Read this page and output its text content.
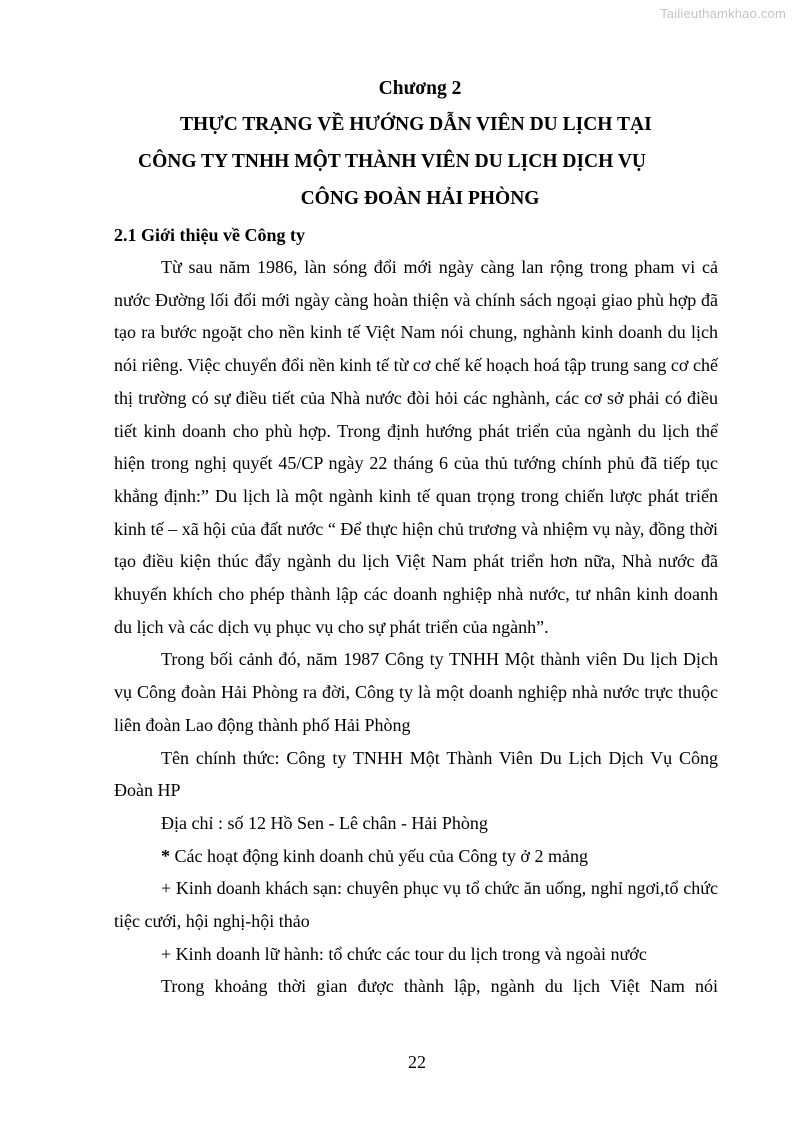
Tailieuthamkhao.com
Chương 2
THỰC TRẠNG VỀ HƯỚNG DẪN VIÊN DU LỊCH TẠI
CÔNG TY TNHH MỘT THÀNH VIÊN DU LỊCH DỊCH VỤ
CÔNG ĐOÀN HẢI PHÒNG
2.1 Giới thiệu về Công ty

Từ sau năm 1986, làn sóng đổi mới ngày càng lan rộng trong pham vi cả nước Đường lối đổi mới ngày càng hoàn thiện và chính sách ngoại giao phù hợp đã tạo ra bước ngoặt cho nền kinh tế Việt Nam nói chung, nghành kinh doanh du lịch nói riêng. Việc chuyển đổi nền kinh tế từ cơ chế kế hoạch hoá tập trung sang cơ chế thị trường có sự điều tiết của Nhà nước đòi hỏi các nghành, các cơ sở phải có điều tiết kinh doanh cho phù hợp. Trong định hướng phát triển của ngành du lịch thể hiện trong nghị quyết 45/CP ngày 22 tháng 6 của thủ tướng chính phủ đã tiếp tục khẳng định:” Du lịch là một ngành kinh tế quan trọng trong chiến lược phát triển kinh tế – xã hội của đất nước “ Để thực hiện chủ trương và nhiệm vụ này, đồng thời tạo điều kiện thúc đẩy ngành du lịch Việt Nam phát triển hơn nữa, Nhà nước đã khuyến khích cho phép thành lập các doanh nghiệp nhà nước, tư nhân kinh doanh du lịch và các dịch vụ phục vụ cho sự phát triển của ngành”.

Trong bối cảnh đó, năm 1987 Công ty TNHH Một thành viên Du lịch Dịch vụ Công đoàn Hải Phòng ra đời, Công ty là một doanh nghiệp nhà nước trực thuộc liên đoàn Lao động thành phố Hải Phòng

Tên chính thức: Công ty TNHH Một Thành Viên Du Lịch Dịch Vụ Công Đoàn HP

Địa chỉ : số 12 Hồ Sen - Lê chân - Hải Phòng

* Các hoạt động kinh doanh chủ yếu của Công ty ở 2 mảng

+ Kinh doanh khách sạn: chuyên phục vụ tổ chức ăn uống, nghỉ ngơi,tổ chức tiệc cưới, hội nghị-hội thảo

+ Kinh doanh lữ hành: tổ chức các tour du lịch trong và ngoài nước

Trong khoảng thời gian được thành lập, ngành du lịch Việt Nam nói

22
